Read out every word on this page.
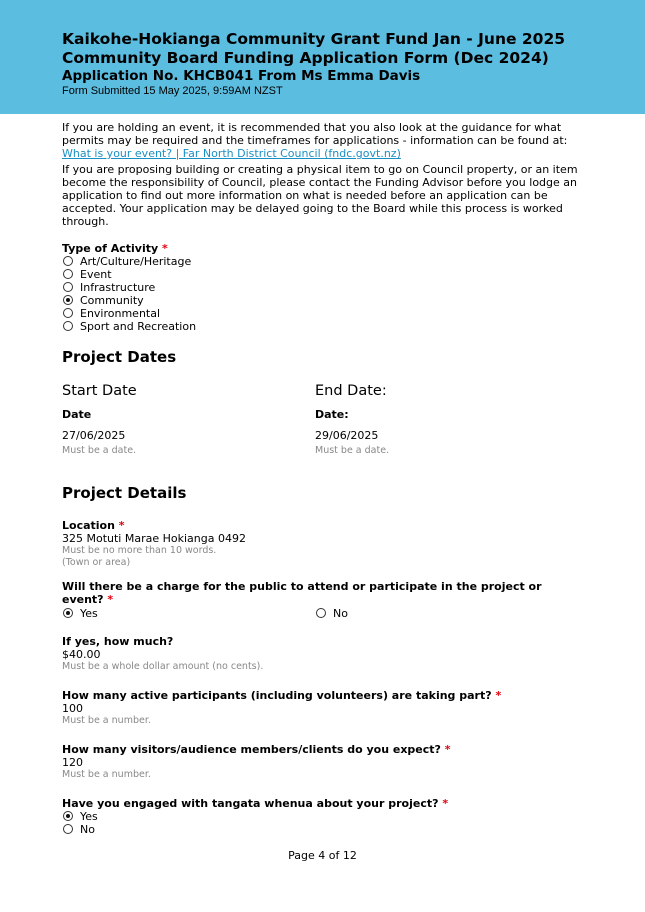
Kaikohe-Hokianga Community Grant Fund Jan - June 2025

Community Board Funding Application Form (Dec 2024)

Application No. KHCB041 From Ms Emma Davis

Form Submitted 15 May 2025, 9:59AM NZST

If you are holding an event, it is recommended that you also look at the guidance for what permits may be required and the timeframes for applications - information can be found at: What is your event? | Far North District Council (fndc.govt.nz)

If you are proposing building or creating a physical item to go on Council property, or an item become the responsibility of Council, please contact the Funding Advisor before you lodge an application to find out more information on what is needed before an application can be accepted. Your application may be delayed going to the Board while this process is worked through.

Type of Activity *
Art/Culture/Heritage
Event
Infrastructure
Community
Environmental
Sport and Recreation
Project Dates
Start Date
Date
27/06/2025
Must be a date.
End Date:
Date:
29/06/2025
Must be a date.
Project Details
Location *
325 Motuti Marae Hokianga 0492
Must be no more than 10 words.
(Town or area)
Will there be a charge for the public to attend or participate in the project or event? *
Yes	No
If yes, how much?
$40.00
Must be a whole dollar amount (no cents).
How many active participants (including volunteers) are taking part? *
100
Must be a number.
How many visitors/audience members/clients do you expect? *
120
Must be a number.
Have you engaged with tangata whenua about your project? *
Yes
No
Page 4 of 12
